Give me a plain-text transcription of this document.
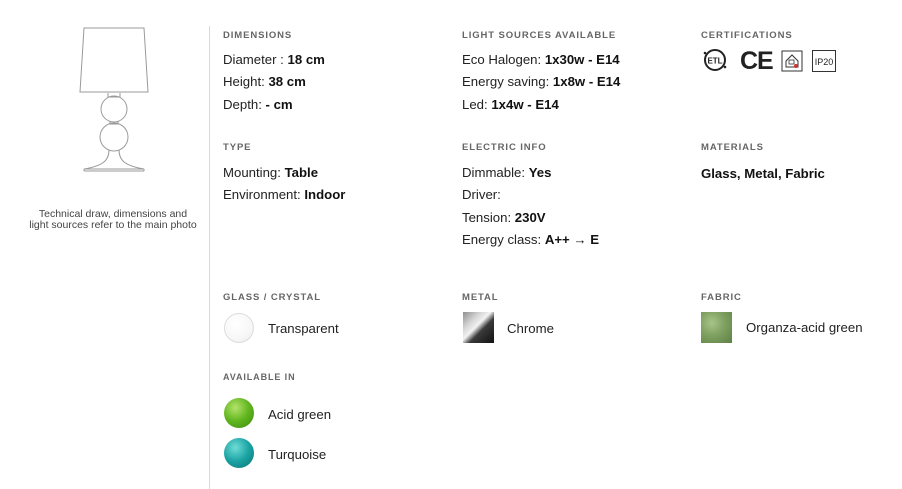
Technical draw, dimensions and light sources refer to the main photo
DIMENSIONS
Diameter : 18 cm
Height: 38 cm
Depth: - cm
LIGHT SOURCES AVAILABLE
Eco Halogen: 1x30w - E14
Energy saving: 1x8w - E14
Led: 1x4w - E14
CERTIFICATIONS
ETL CE	IP20
TYPE
Mounting: Table
Environment: Indoor
ELECTRIC INFO
Dimmable: Yes
Driver:
Tension: 230V
Energy class: A++ → E
MATERIALS
Glass, Metal, Fabric
GLASS / CRYSTAL
Transparent
METAL
Chrome
FABRIC
Organza-acid green
AVAILABLE IN
Acid green
Turquoise
